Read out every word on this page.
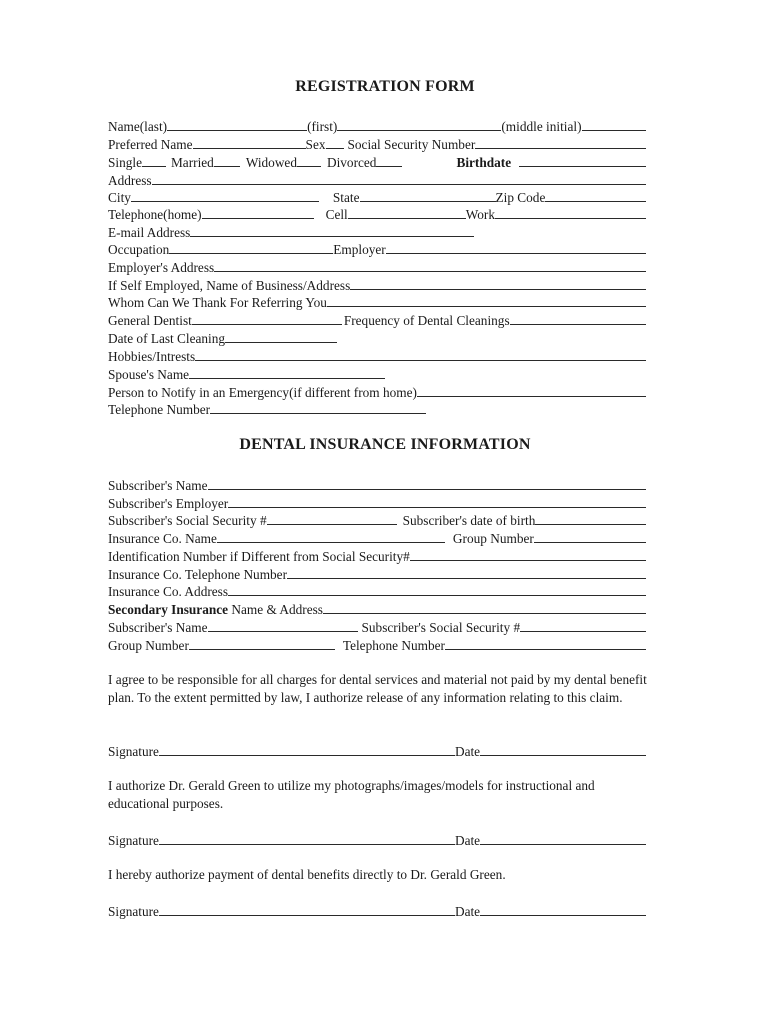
REGISTRATION FORM
Name(last)	(first)	(middle initial)
Preferred Name	Sex Social Security Number
Single Married Widowed Divorced	Birthdate
Address
City	State	Zip Code
Telephone(home)	Cell	Work
E-mail Address
Occupation	Employer
Employer's Address
If Self Employed, Name of Business/Address
Whom Can We Thank For Referring You
General Dentist	Frequency of Dental Cleanings
Date of Last Cleaning
Hobbies/Intrests
Spouse's Name
Person to Notify in an Emergency(if different from home)
Telephone Number
DENTAL INSURANCE INFORMATION
Subscriber's Name
Subscriber's Employer
Subscriber's Social Security #	Subscriber's date of birth
Insurance Co. Name	Group Number
Identification Number if Different from Social Security#
Insurance Co. Telephone Number
Insurance Co. Address
Secondary Insurance Name & Address
Subscriber's Name	Subscriber's Social Security #
Group Number	Telephone Number
I agree to be responsible for all charges for dental services and material not paid by my dental benefit plan. To the extent permitted by law, I authorize release of any information relating to this claim.
Signature	Date
I authorize Dr. Gerald Green to utilize my photographs/images/models for instructional and educational purposes.
Signature	Date
I hereby authorize payment of dental benefits directly to Dr. Gerald Green.
Signature	Date
